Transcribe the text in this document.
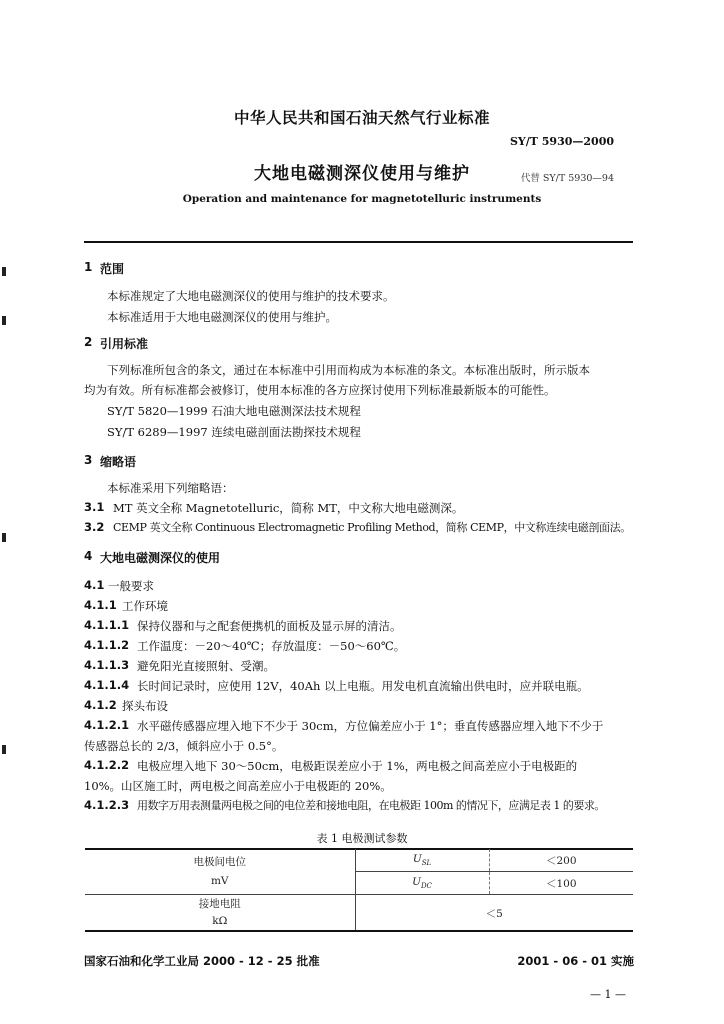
中华人民共和国石油天然气行业标准
SY/T 5930—2000
大地电磁测深仪使用与维护	代替 SY/T 5930—94
Operation and maintenance for magnetotelluric instruments
1 范围
本标准规定了大地电磁测深仪的使用与维护的技术要求。
本标准适用于大地电磁测深仪的使用与维护。
2 引用标准
下列标准所包含的条文，通过在本标准中引用而构成为本标准的条文。本标准出版时，所示版本
均为有效。所有标准都会被修订，使用本标准的各方应探讨使用下列标准最新版本的可能性。
SY/T 5820—1999 石油大地电磁测深法技术规程
SY/T 6289—1997 连续电磁剖面法勘探技术规程
3 缩略语
本标准采用下列缩略语：
3.1 MT 英文全称 Magnetotelluric，简称 MT，中文称大地电磁测深。
3.2 CEMP 英文全称 Continuous Electromagnetic Profiling Method，简称 CEMP，中文称连续电磁剖面法。
4 大地电磁测深仪的使用
4.1 一般要求
4.1.1 工作环境
4.1.1.1 保持仪器和与之配套便携机的面板及显示屏的清洁。
4.1.1.2 工作温度：－20～40℃；存放温度：－50～60℃。
4.1.1.3 避免阳光直接照射、受潮。
4.1.1.4 长时间记录时，应使用 12V，40Ah 以上电瓶。用发电机直流输出供电时，应并联电瓶。
4.1.2 探头布设
4.1.2.1 水平磁传感器应埋入地下不少于 30cm，方位偏差应小于 1°；垂直传感器应埋入地下不少于
传感器总长的 2/3，倾斜应小于 0.5°。
4.1.2.2 电极应埋入地下 30～50cm，电极距误差应小于 1%，两电极之间高差应小于电极距的
10%。山区施工时，两电极之间高差应小于电极距的 20%。
4.1.2.3 用数字万用表测量两电极之间的电位差和接地电阻，在电极距 100m 的情况下，应满足表 1 的要求。
表 1 电极测试参数
电极间电位
mV	$U_{SL}$	＜200
	$U_{DC}$	＜100

接地电阻
kΩ	＜5	
国家石油和化学工业局 2000 - 12 - 25 批准	2001 - 06 - 01 实施
— 1 —
